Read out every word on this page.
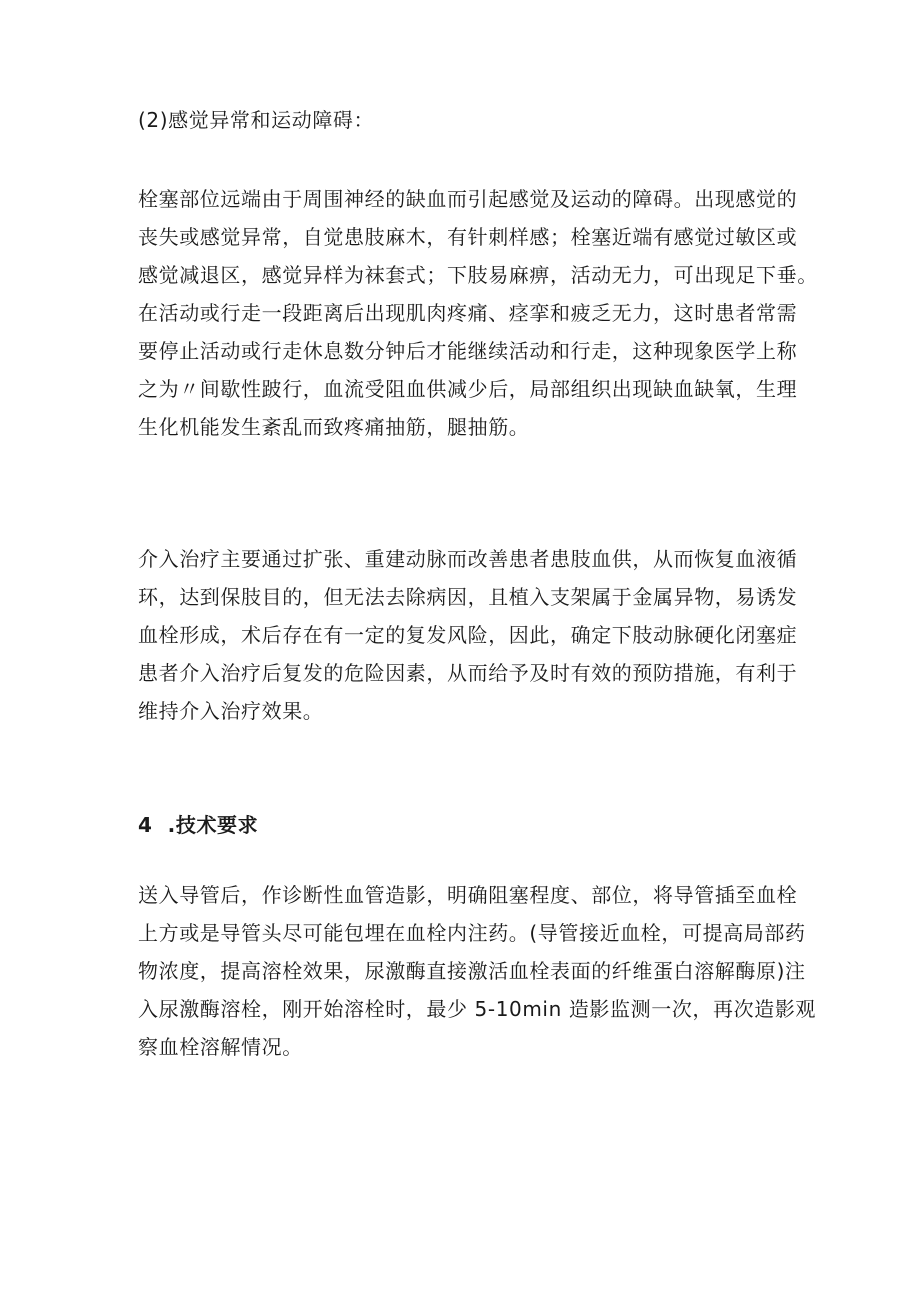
(2)感觉异常和运动障碍：
栓塞部位远端由于周围神经的缺血而引起感觉及运动的障碍。出现感觉的
丧失或感觉异常，自觉患肢麻木，有针刺样感；栓塞近端有感觉过敏区或
感觉减退区，感觉异样为袜套式；下肢易麻痹，活动无力，可出现足下垂。
在活动或行走一段距离后出现肌肉疼痛、痉挛和疲乏无力，这时患者常需
要停止活动或行走休息数分钟后才能继续活动和行走，这种现象医学上称
之为〃间歇性跛行，血流受阻血供减少后，局部组织出现缺血缺氧，生理
生化机能发生紊乱而致疼痛抽筋，腿抽筋。
介入治疗主要通过扩张、重建动脉而改善患者患肢血供，从而恢复血液循
环，达到保肢目的，但无法去除病因，且植入支架属于金属异物，易诱发
血栓形成，术后存在有一定的复发风险，因此，确定下肢动脉硬化闭塞症
患者介入治疗后复发的危险因素，从而给予及时有效的预防措施，有利于
维持介入治疗效果。
4  .技术要求
送入导管后，作诊断性血管造影，明确阻塞程度、部位，将导管插至血栓
上方或是导管头尽可能包埋在血栓内注药。(导管接近血栓，可提高局部药
物浓度，提高溶栓效果，尿激酶直接激活血栓表面的纤维蛋白溶解酶原)注
入尿激酶溶栓，刚开始溶栓时，最少 5-10min 造影监测一次，再次造影观
察血栓溶解情况。
